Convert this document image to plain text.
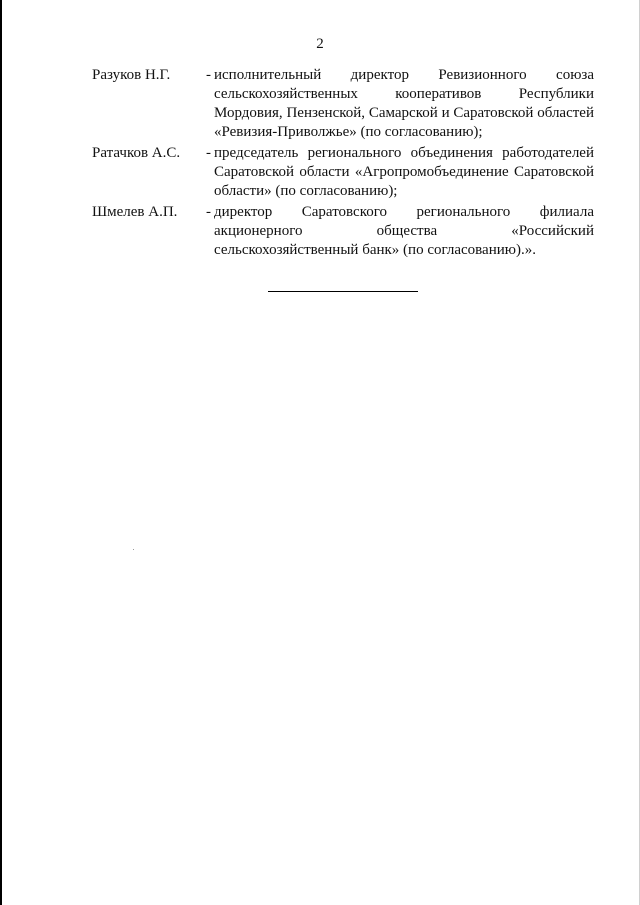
2
Разуков Н.Г.	- исполнительный директор Ревизионного союза сельскохозяйственных кооперативов Республики Мордовия, Пензенской, Самарской и Саратовской областей «Ревизия-Приволжье» (по согласованию);
Ратачков А.С.	- председатель регионального объединения работодателей Саратовской области «Агропромобъединение Саратовской области» (по согласованию);
Шмелев А.П.	- директор Саратовского регионального филиала акционерного общества «Российский сельскохозяйственный банк» (по согласованию).».
